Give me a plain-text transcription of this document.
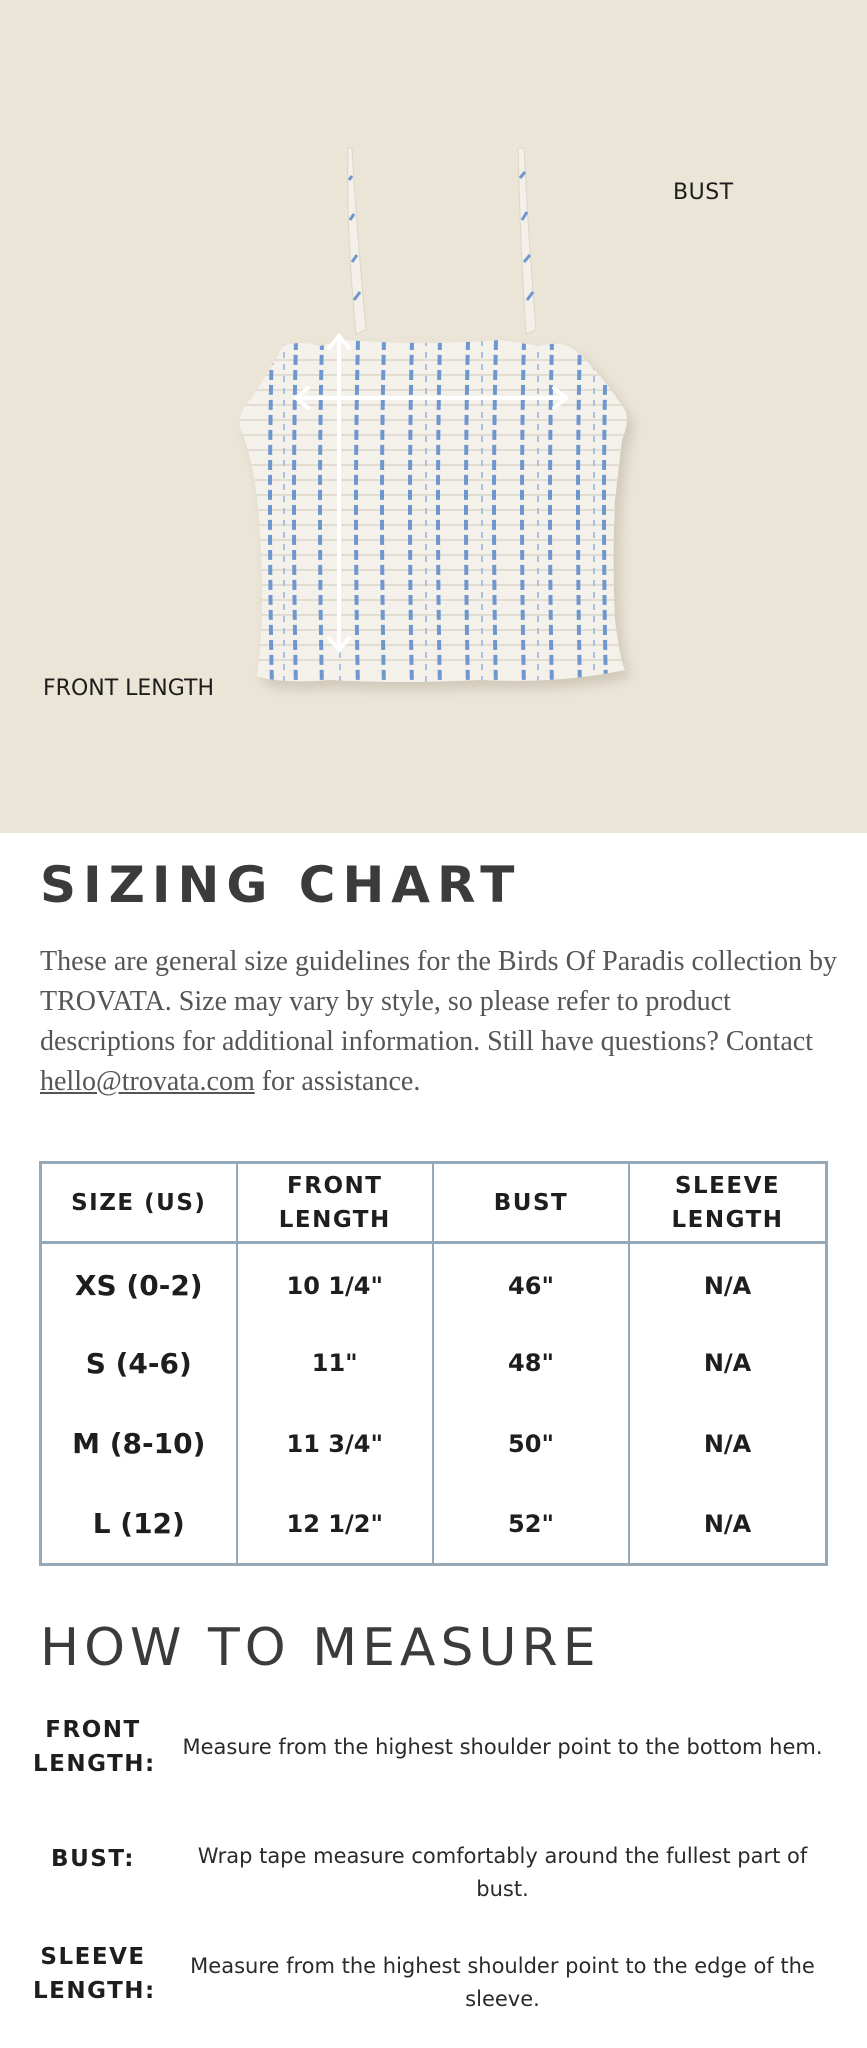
BUST
FRONT LENGTH
SIZING CHART

These are general size guidelines for the Birds Of Paradis collection by TROVATA. Size may vary by style, so please refer to product descriptions for additional information. Still have questions? Contact hello@trovata.com for assistance.

SIZE (US)	FRONT LENGTH	BUST	SLEEVE LENGTH
XS (0-2)	10 1/4"	46"	N/A
S (4-6)	11"	48"	N/A
M (8-10)	11 3/4"	50"	N/A
L (12)	12 1/2"	52"	N/A
HOW TO MEASURE
FRONT LENGTH:
Measure from the highest shoulder point to the bottom hem.
BUST:	Wrap tape measure comfortably around the fullest part of bust.
SLEEVE LENGTH:
Measure from the highest shoulder point to the edge of the sleeve.
